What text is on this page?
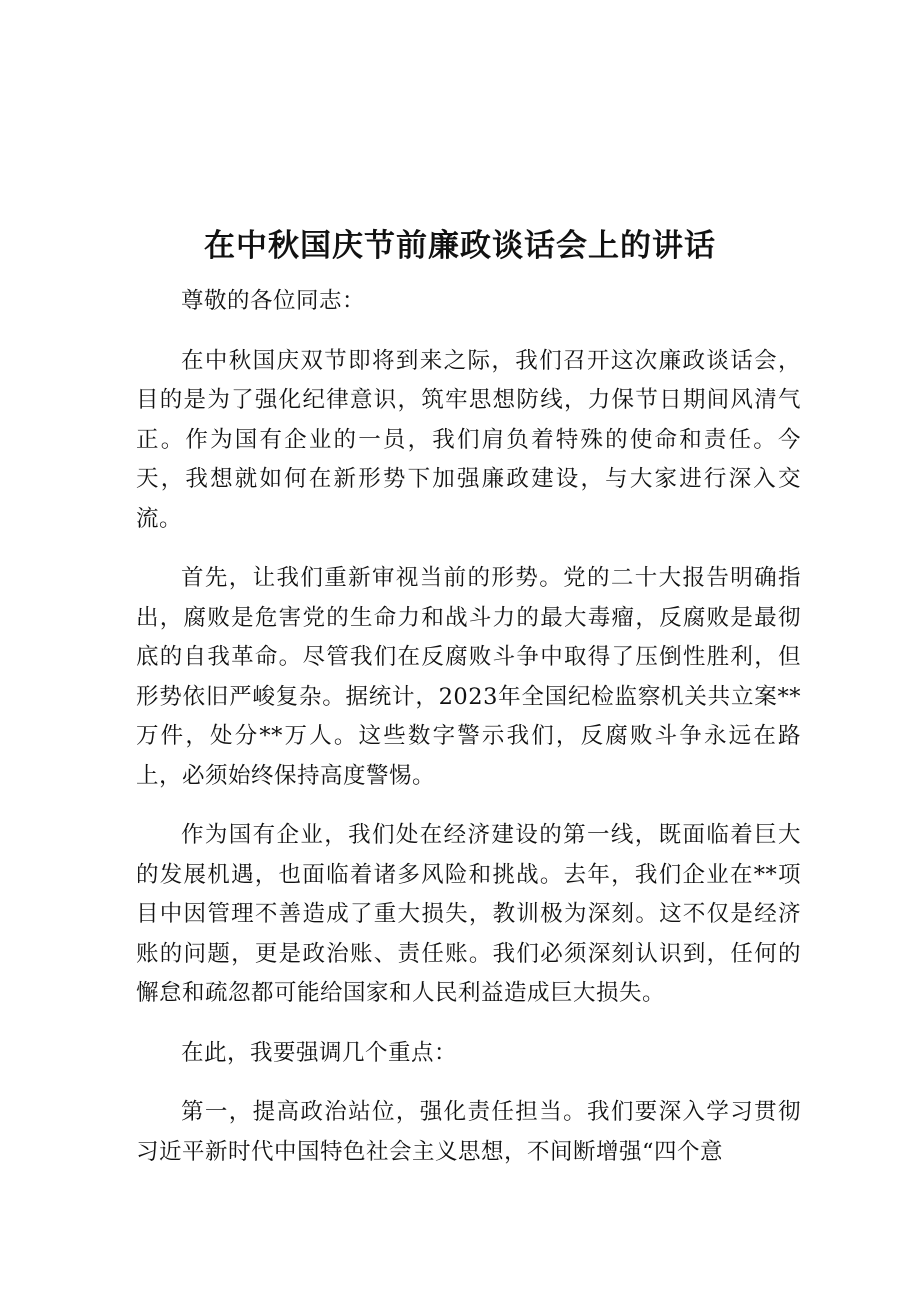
在中秋国庆节前廉政谈话会上的讲话

尊敬的各位同志：

在中秋国庆双节即将到来之际，我们召开这次廉政谈话会，目的是为了强化纪律意识，筑牢思想防线，力保节日期间风清气正。作为国有企业的一员，我们肩负着特殊的使命和责任。今天，我想就如何在新形势下加强廉政建设，与大家进行深入交流。

首先，让我们重新审视当前的形势。党的二十大报告明确指出，腐败是危害党的生命力和战斗力的最大毒瘤，反腐败是最彻底的自我革命。尽管我们在反腐败斗争中取得了压倒性胜利，但形势依旧严峻复杂。据统计，2023年全国纪检监察机关共立案**万件，处分**万人。这些数字警示我们，反腐败斗争永远在路上，必须始终保持高度警惕。

作为国有企业，我们处在经济建设的第一线，既面临着巨大的发展机遇，也面临着诸多风险和挑战。去年，我们企业在**项目中因管理不善造成了重大损失，教训极为深刻。这不仅是经济账的问题，更是政治账、责任账。我们必须深刻认识到，任何的懈怠和疏忽都可能给国家和人民利益造成巨大损失。

在此，我要强调几个重点：

第一，提高政治站位，强化责任担当。我们要深入学习贯彻习近平新时代中国特色社会主义思想，不间断增强“四个意
